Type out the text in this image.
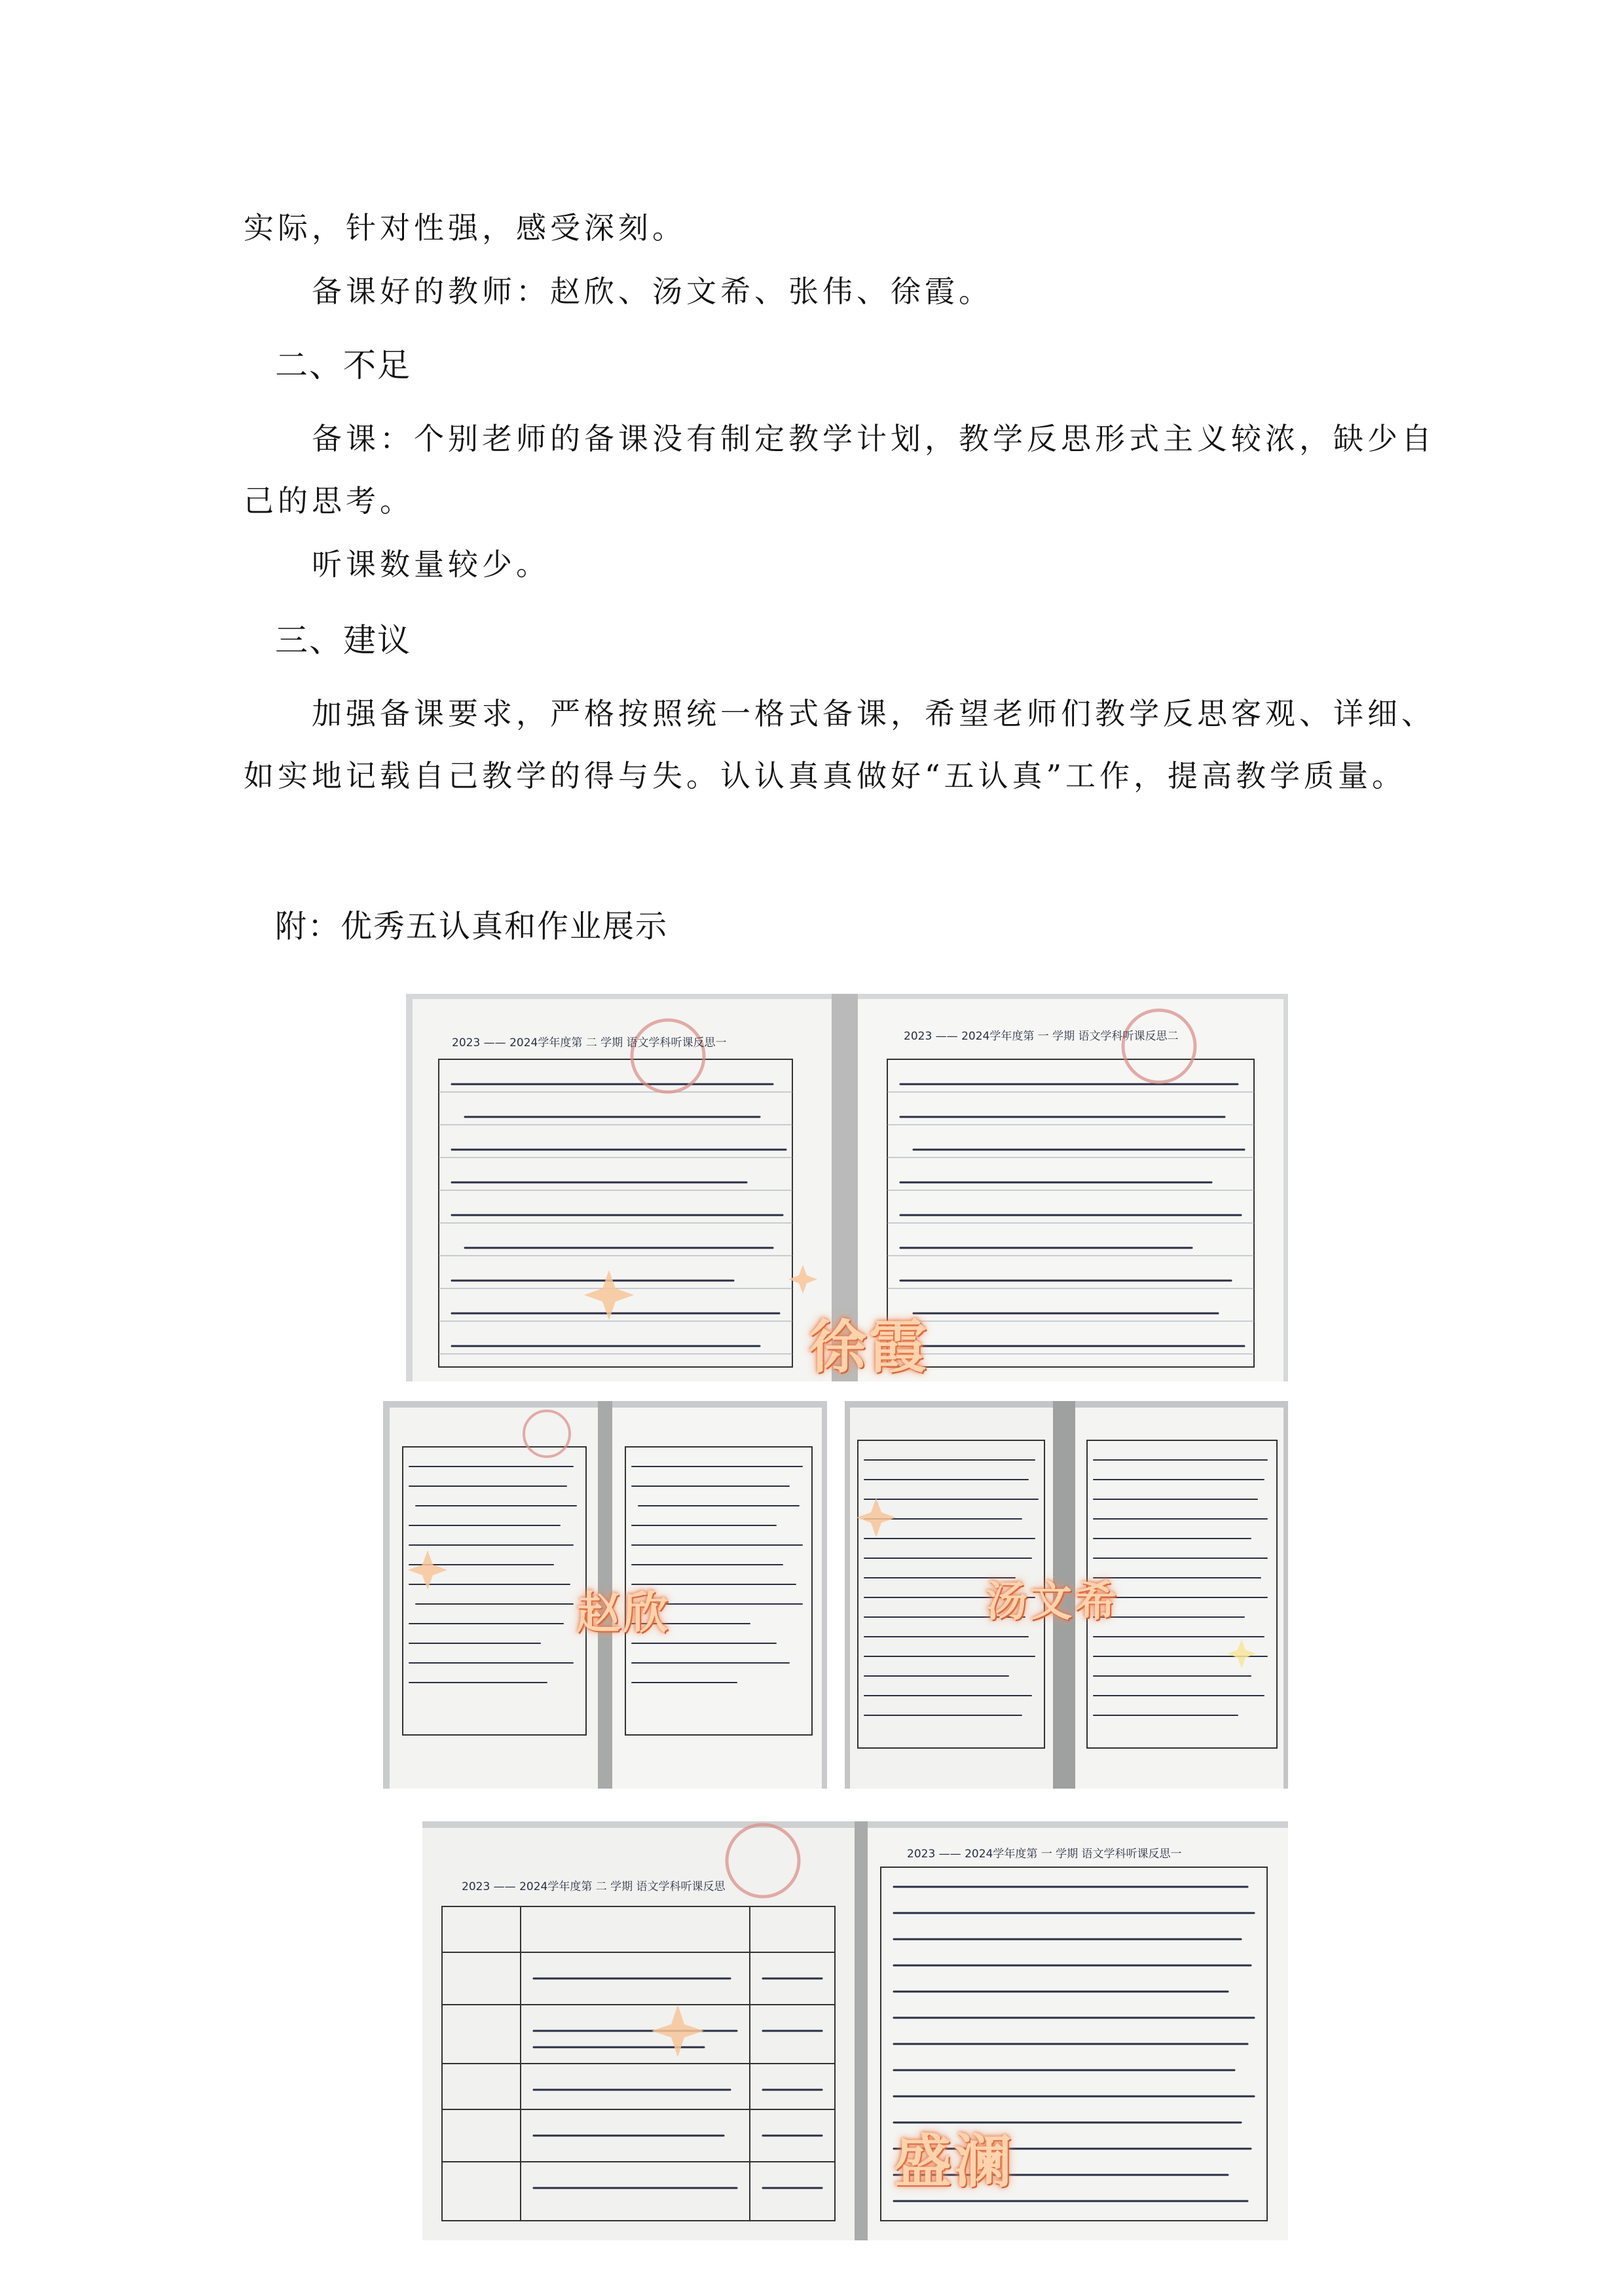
实际，针对性强，感受深刻。
备课好的教师：赵欣、汤文希、张伟、徐霞。
二、不足
备课：个别老师的备课没有制定教学计划，教学反思形式主义较浓，缺少自
己的思考。
听课数量较少。
三、建议
加强备课要求，严格按照统一格式备课，希望老师们教学反思客观、详细、
如实地记载自己教学的得与失。认认真真做好“五认真”工作，提高教学质量。
附：优秀五认真和作业展示
2023 —— 2024学年度第 二 学期 语文学科听课反思一	2023 —— 2024学年度第 一 学期 语文学科听课反思二
徐霞
赵欣	汤文希
2023 —— 2024学年度第 二 学期 语文学科听课反思
2023 —— 2024学年度第 一 学期 语文学科听课反思一
盛澜
